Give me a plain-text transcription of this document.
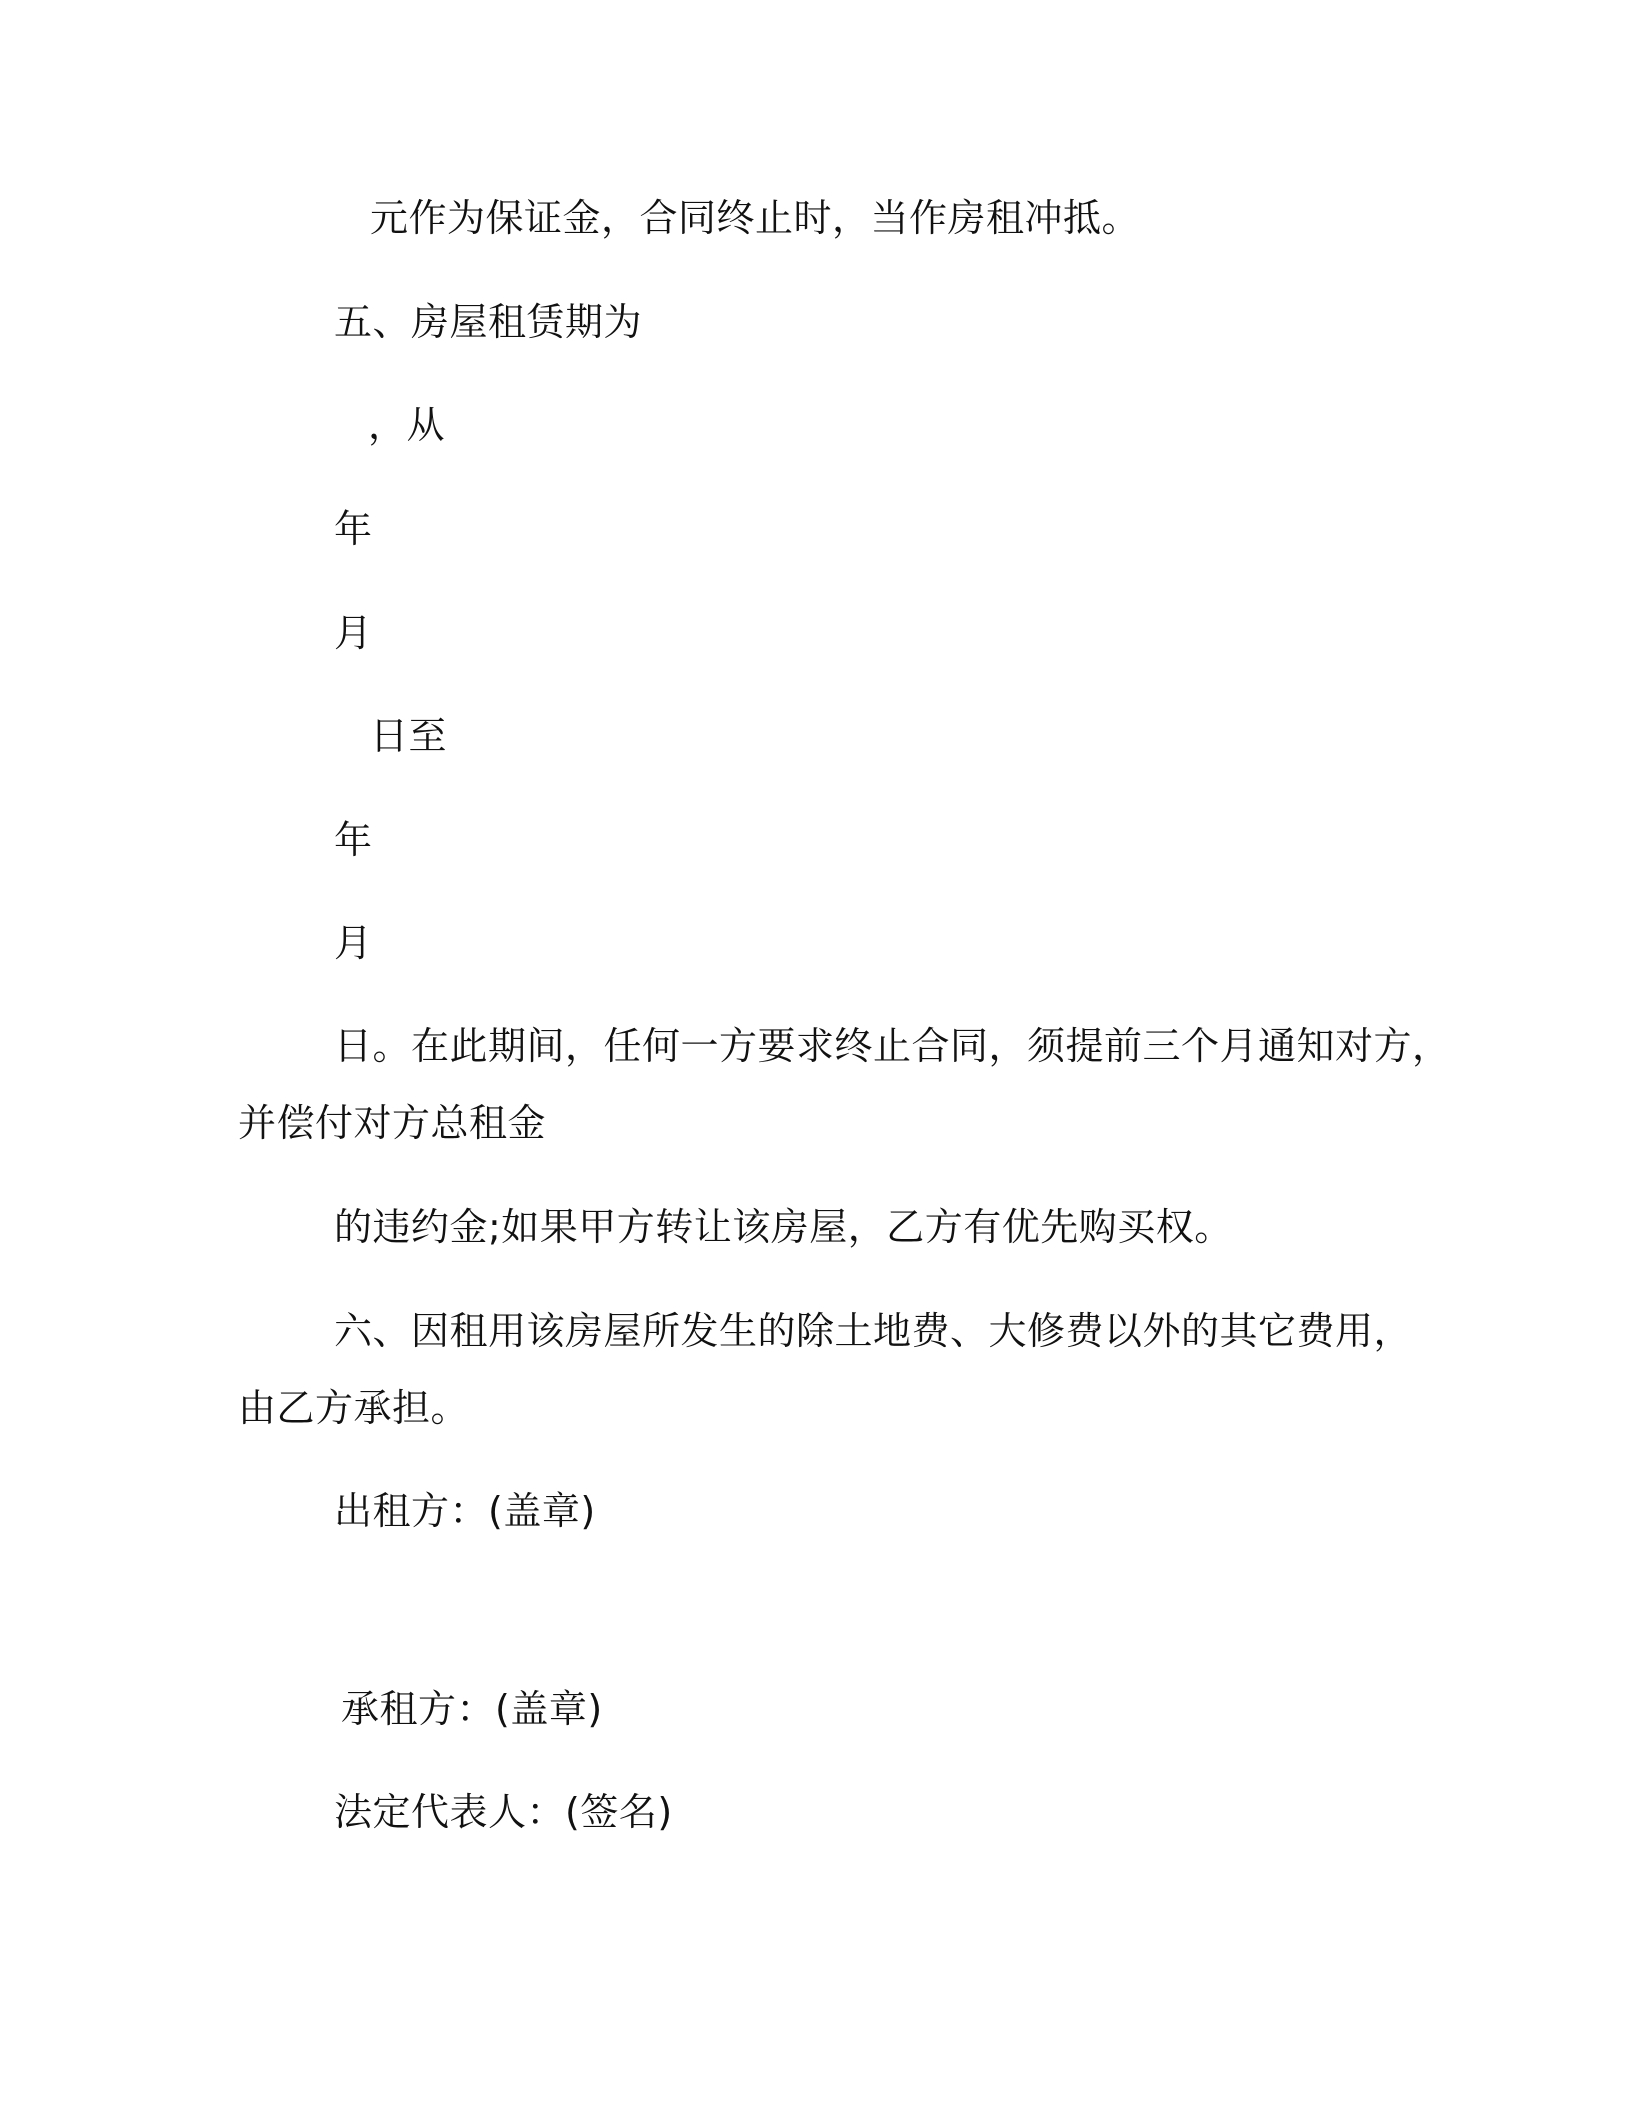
元作为保证金，合同终止时，当作房租冲抵。

五、房屋租赁期为

，从

年

月

日至

年

月

日。在此期间，任何一方要求终止合同，须提前三个月通知对方，

并偿付对方总租金

的违约金;如果甲方转让该房屋，乙方有优先购买权。

六、因租用该房屋所发生的除土地费、大修费以外的其它费用，

由乙方承担。

出租方：(盖章)

承租方：(盖章)

法定代表人：(签名)
